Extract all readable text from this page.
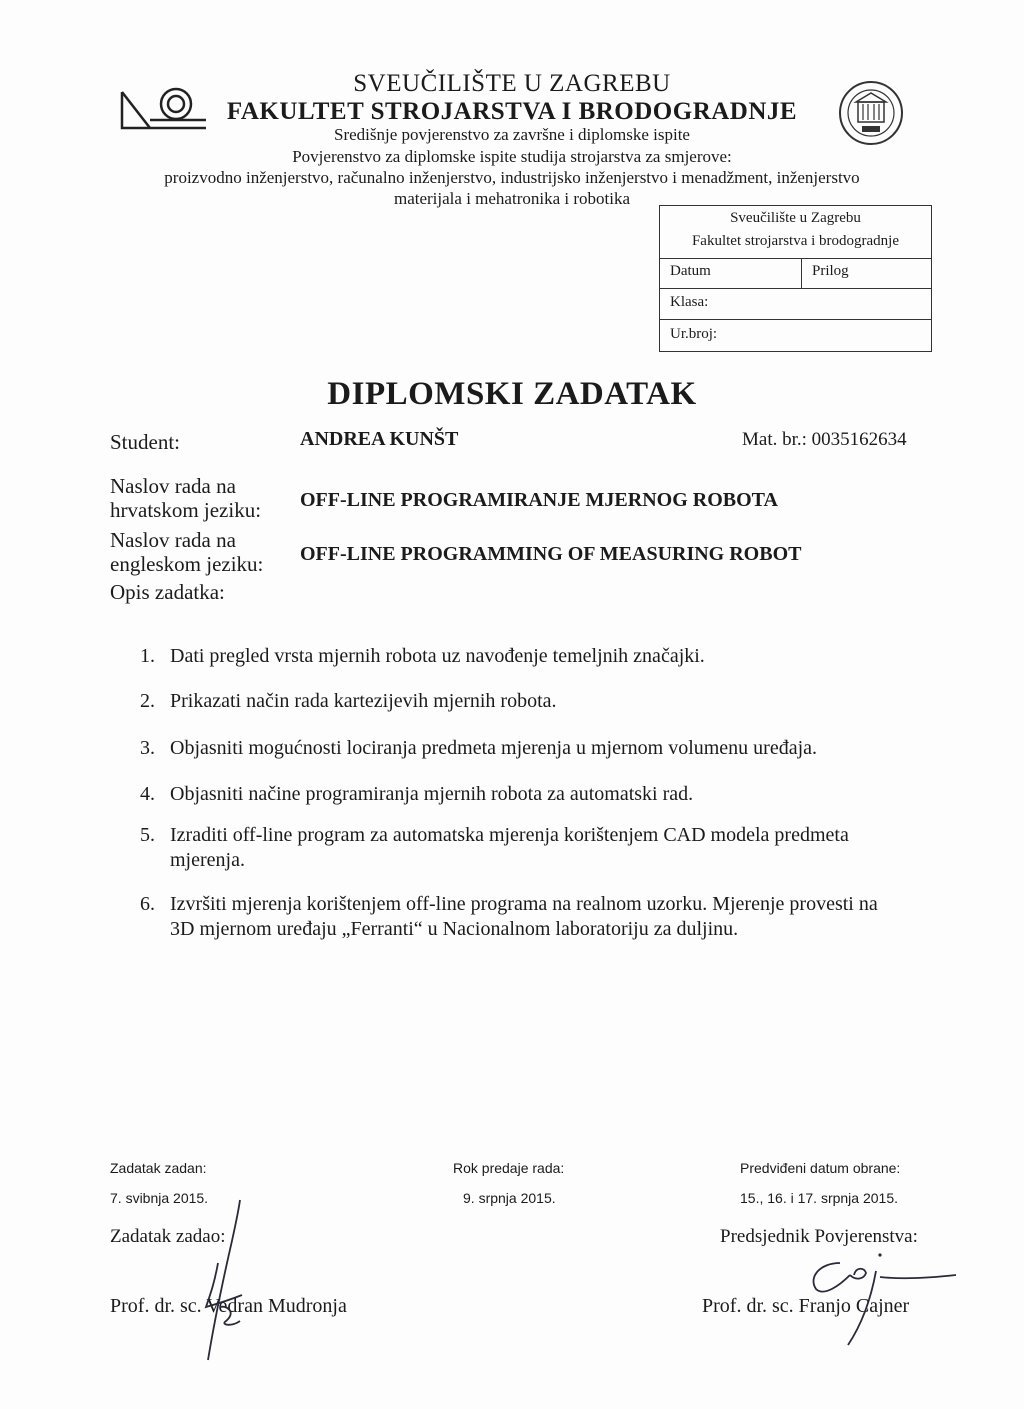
SVEUČILIŠTE U ZAGREBU
FAKULTET STROJARSTVA I BRODOGRADNJE
Središnje povjerenstvo za završne i diplomske ispite
Povjerenstvo za diplomske ispite studija strojarstva za smjerove:
proizvodno inženjerstvo, računalno inženjerstvo, industrijsko inženjerstvo i menadžment, inženjerstvo
materijala i mehatronika i robotika
Sveučilište u Zagrebu
Fakultet strojarstva i brodogradnje
Datum	Prilog
Klasa:
Ur.broj:
DIPLOMSKI ZADATAK
Student:	ANDREA KUNŠT	Mat. br.: 0035162634
Naslov rada na
hrvatskom jeziku: OFF-LINE PROGRAMIRANJE MJERNOG ROBOTA
Naslov rada na
engleskom jeziku: OFF-LINE PROGRAMMING OF MEASURING ROBOT
Opis zadatka:
1. Dati pregled vrsta mjernih robota uz navođenje temeljnih značajki.
2. Prikazati način rada kartezijevih mjernih robota.
3. Objasniti mogućnosti lociranja predmeta mjerenja u mjernom volumenu uređaja.
4. Objasniti načine programiranja mjernih robota za automatski rad.
5. Izraditi off-line program za automatska mjerenja korištenjem CAD modela predmeta mjerenja.
6. Izvršiti mjerenja korištenjem off-line programa na realnom uzorku. Mjerenje provesti na 3D mjernom uređaju „Ferranti“ u Nacionalnom laboratoriju za duljinu.
Zadatak zadan:
7. svibnja 2015.
Rok predaje rada:
9. srpnja 2015.
Predviđeni datum obrane:
15., 16. i 17. srpnja 2015.
Zadatak zadao:	Predsjednik Povjerenstva:
Prof. dr. sc. Vedran Mudronja	Prof. dr. sc. Franjo Cajner
